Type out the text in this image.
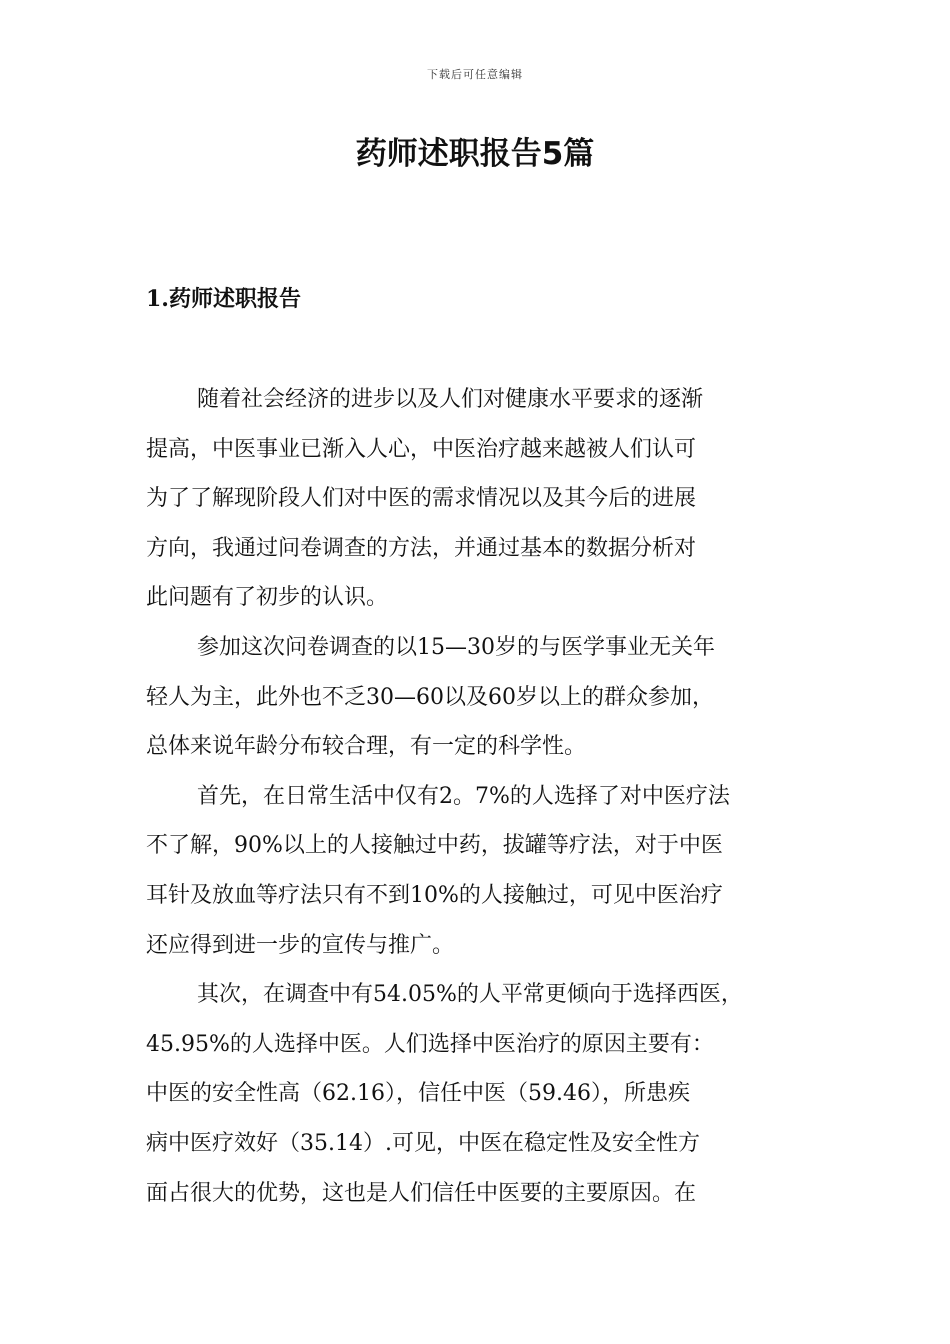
下载后可任意编辑
药师述职报告5篇
1.药师述职报告

随着社会经济的进步以及人们对健康水平要求的逐渐

提高，中医事业已渐入人心，中医治疗越来越被人们认可

为了了解现阶段人们对中医的需求情况以及其今后的进展

方向，我通过问卷调查的方法，并通过基本的数据分析对

此问题有了初步的认识。

参加这次问卷调查的以15—30岁的与医学事业无关年

轻人为主，此外也不乏30—60以及60岁以上的群众参加，

总体来说年龄分布较合理，有一定的科学性。

首先，在日常生活中仅有2。7%的人选择了对中医疗法

不了解，90%以上的人接触过中药，拔罐等疗法，对于中医

耳针及放血等疗法只有不到10%的人接触过，可见中医治疗

还应得到进一步的宣传与推广。

其次，在调查中有54.05%的人平常更倾向于选择西医，

45.95%的人选择中医。人们选择中医治疗的原因主要有：

中医的安全性高（62.16），信任中医（59.46），所患疾

病中医疗效好（35.14）.可见，中医在稳定性及安全性方

面占很大的优势，这也是人们信任中医要的主要原因。在
